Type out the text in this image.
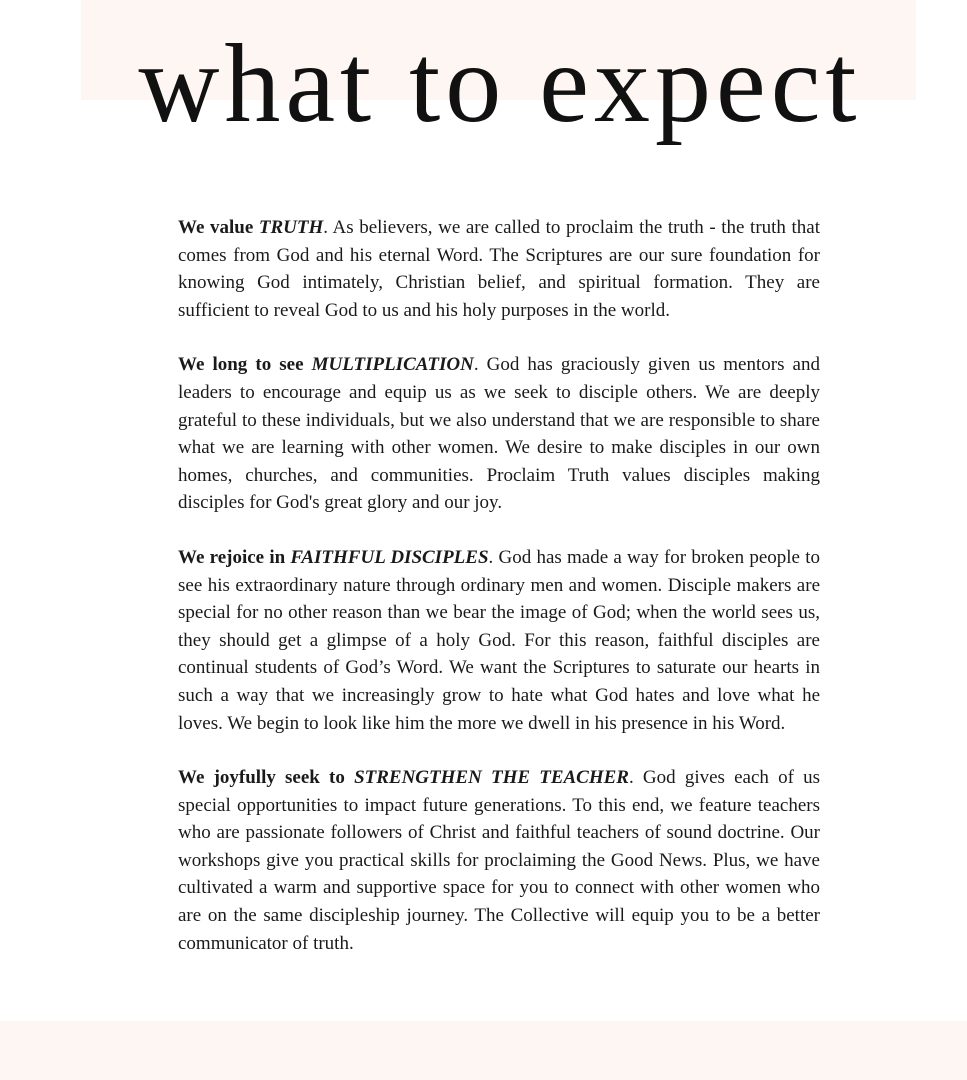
what to expect

We value TRUTH. As believers, we are called to proclaim the truth - the truth that comes from God and his eternal Word. The Scriptures are our sure foundation for knowing God intimately, Christian belief, and spiritual formation. They are sufficient to reveal God to us and his holy purposes in the world.

We long to see MULTIPLICATION. God has graciously given us mentors and leaders to encourage and equip us as we seek to disciple others. We are deeply grateful to these individuals, but we also understand that we are responsible to share what we are learning with other women. We desire to make disciples in our own homes, churches, and communities. Proclaim Truth values disciples making disciples for God's great glory and our joy.

We rejoice in FAITHFUL DISCIPLES. God has made a way for broken people to see his extraordinary nature through ordinary men and women. Disciple makers are special for no other reason than we bear the image of God; when the world sees us, they should get a glimpse of a holy God. For this reason, faithful disciples are continual students of God’s Word. We want the Scriptures to saturate our hearts in such a way that we increasingly grow to hate what God hates and love what he loves. We begin to look like him the more we dwell in his presence in his Word.

We joyfully seek to STRENGTHEN THE TEACHER. God gives each of us special opportunities to impact future generations. To this end, we feature teachers who are passionate followers of Christ and faithful teachers of sound doctrine. Our workshops give you practical skills for proclaiming the Good News. Plus, we have cultivated a warm and supportive space for you to connect with other women who are on the same discipleship journey. The Collective will equip you to be a better communicator of truth.
